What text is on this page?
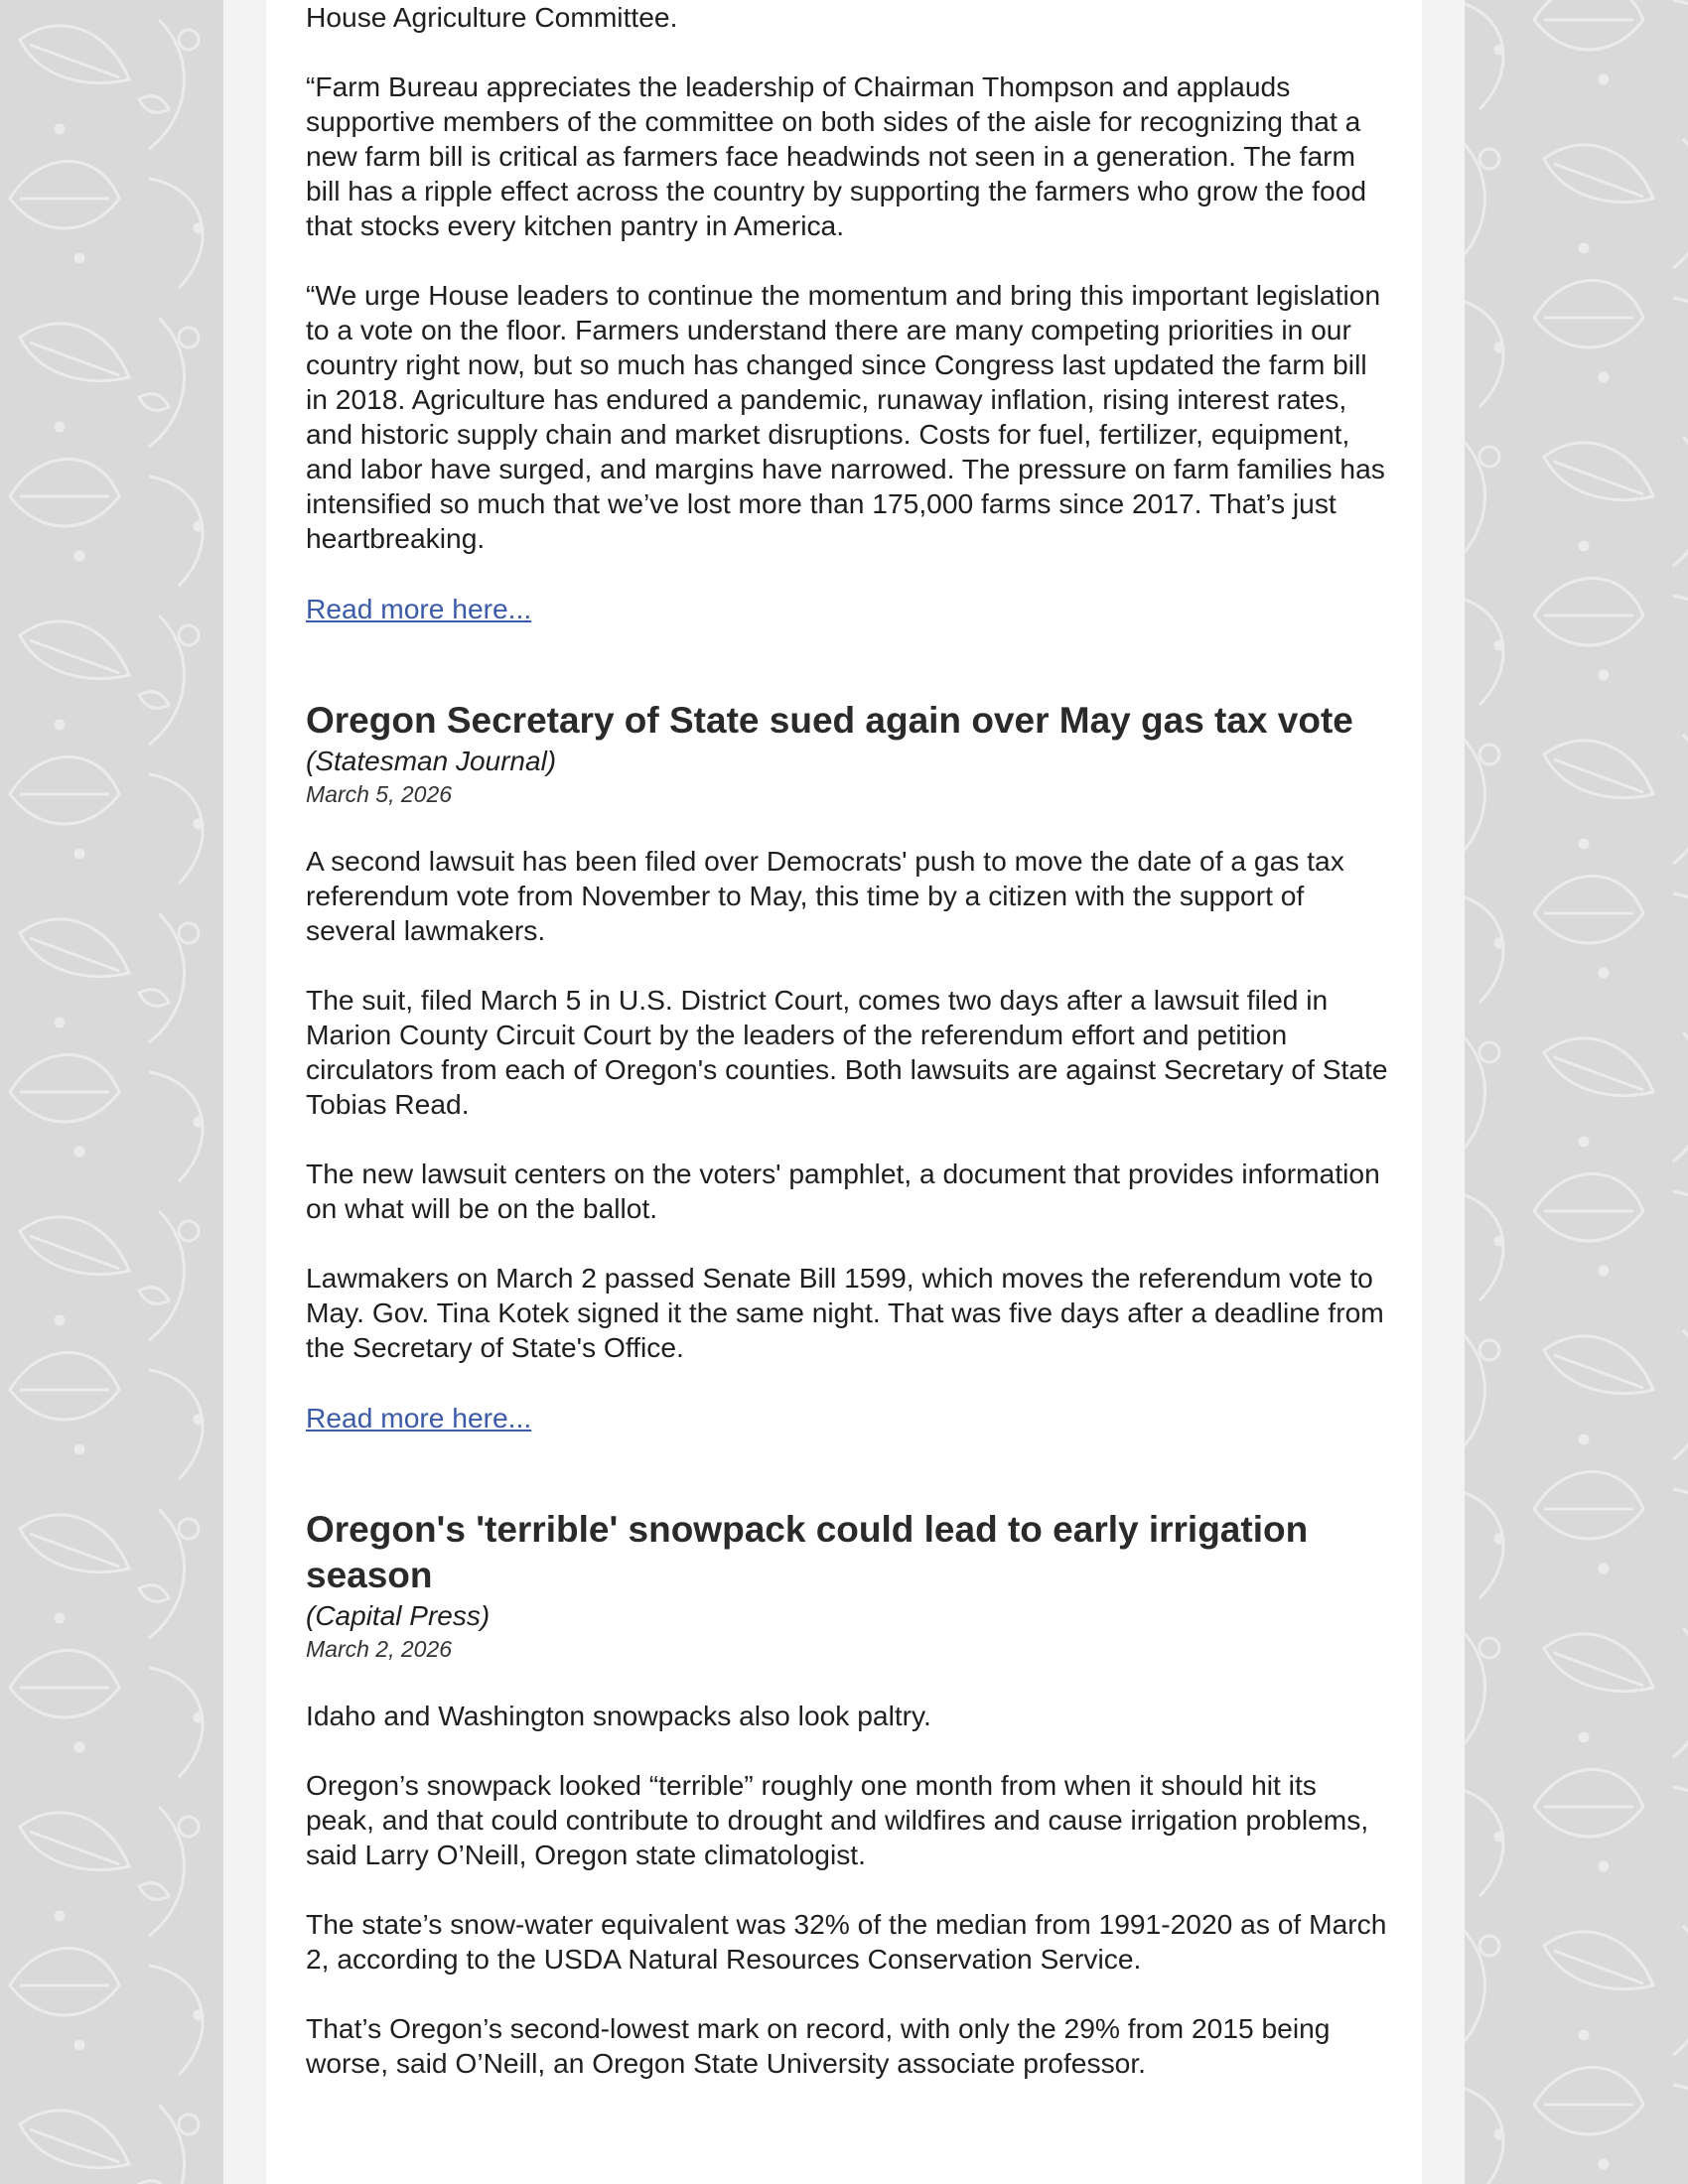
House Agriculture Committee.

“Farm Bureau appreciates the leadership of Chairman Thompson and applauds supportive members of the committee on both sides of the aisle for recognizing that a new farm bill is critical as farmers face headwinds not seen in a generation. The farm bill has a ripple effect across the country by supporting the farmers who grow the food that stocks every kitchen pantry in America.

“We urge House leaders to continue the momentum and bring this important legislation to a vote on the floor. Farmers understand there are many competing priorities in our country right now, but so much has changed since Congress last updated the farm bill in 2018. Agriculture has endured a pandemic, runaway inflation, rising interest rates, and historic supply chain and market disruptions. Costs for fuel, fertilizer, equipment, and labor have surged, and margins have narrowed. The pressure on farm families has intensified so much that we’ve lost more than 175,000 farms since 2017. That’s just heartbreaking.

Read more here...
Oregon Secretary of State sued again over May gas tax vote
(Statesman Journal)
March 5, 2026

A second lawsuit has been filed over Democrats' push to move the date of a gas tax referendum vote from November to May, this time by a citizen with the support of several lawmakers.

The suit, filed March 5 in U.S. District Court, comes two days after a lawsuit filed in Marion County Circuit Court by the leaders of the referendum effort and petition circulators from each of Oregon's counties. Both lawsuits are against Secretary of State Tobias Read.

The new lawsuit centers on the voters' pamphlet, a document that provides information on what will be on the ballot.

Lawmakers on March 2 passed Senate Bill 1599, which moves the referendum vote to May. Gov. Tina Kotek signed it the same night. That was five days after a deadline from the Secretary of State's Office.

Read more here...
Oregon's 'terrible' snowpack could lead to early irrigation season
(Capital Press)
March 2, 2026

Idaho and Washington snowpacks also look paltry.

Oregon’s snowpack looked “terrible” roughly one month from when it should hit its peak, and that could contribute to drought and wildfires and cause irrigation problems, said Larry O’Neill, Oregon state climatologist.

The state’s snow-water equivalent was 32% of the median from 1991-2020 as of March 2, according to the USDA Natural Resources Conservation Service.

That’s Oregon’s second-lowest mark on record, with only the 29% from 2015 being worse, said O’Neill, an Oregon State University associate professor.
